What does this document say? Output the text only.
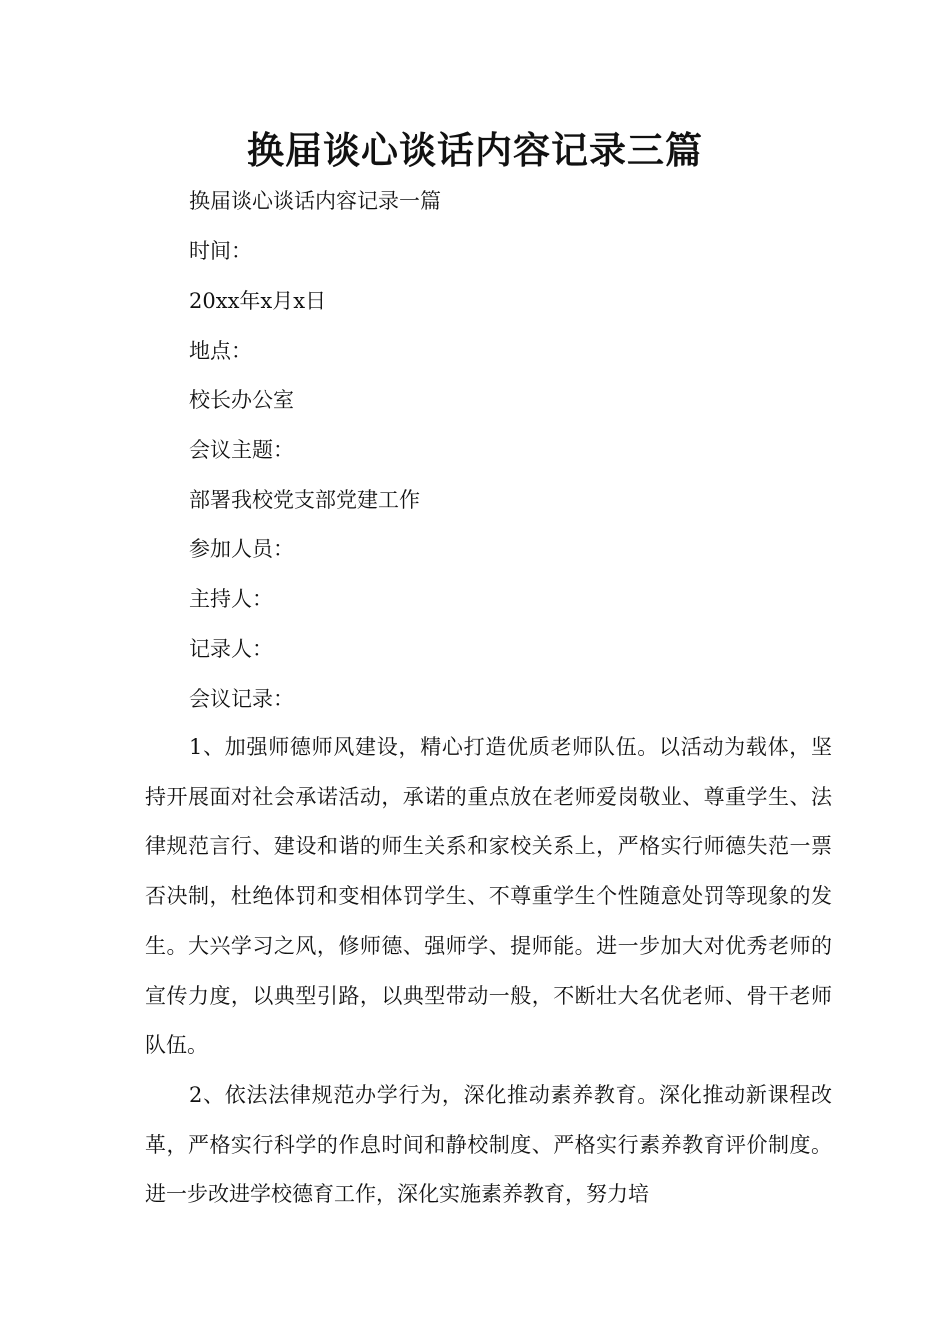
换届谈心谈话内容记录三篇

换届谈心谈话内容记录一篇

时间：

20xx年x月x日

地点：

校长办公室

会议主题：

部署我校党支部党建工作

参加人员：

主持人：

记录人：

会议记录：

1、加强师德师风建设，精心打造优质老师队伍。以活动为载体，坚持开展面对社会承诺活动，承诺的重点放在老师爱岗敬业、尊重学生、法律规范言行、建设和谐的师生关系和家校关系上，严格实行师德失范一票否决制，杜绝体罚和变相体罚学生、不尊重学生个性随意处罚等现象的发生。大兴学习之风，修师德、强师学、提师能。进一步加大对优秀老师的宣传力度，以典型引路，以典型带动一般，不断壮大名优老师、骨干老师队伍。

2、依法法律规范办学行为，深化推动素养教育。深化推动新课程改革，严格实行科学的作息时间和静校制度、严格实行素养教育评价制度。进一步改进学校德育工作，深化实施素养教育，努力培
